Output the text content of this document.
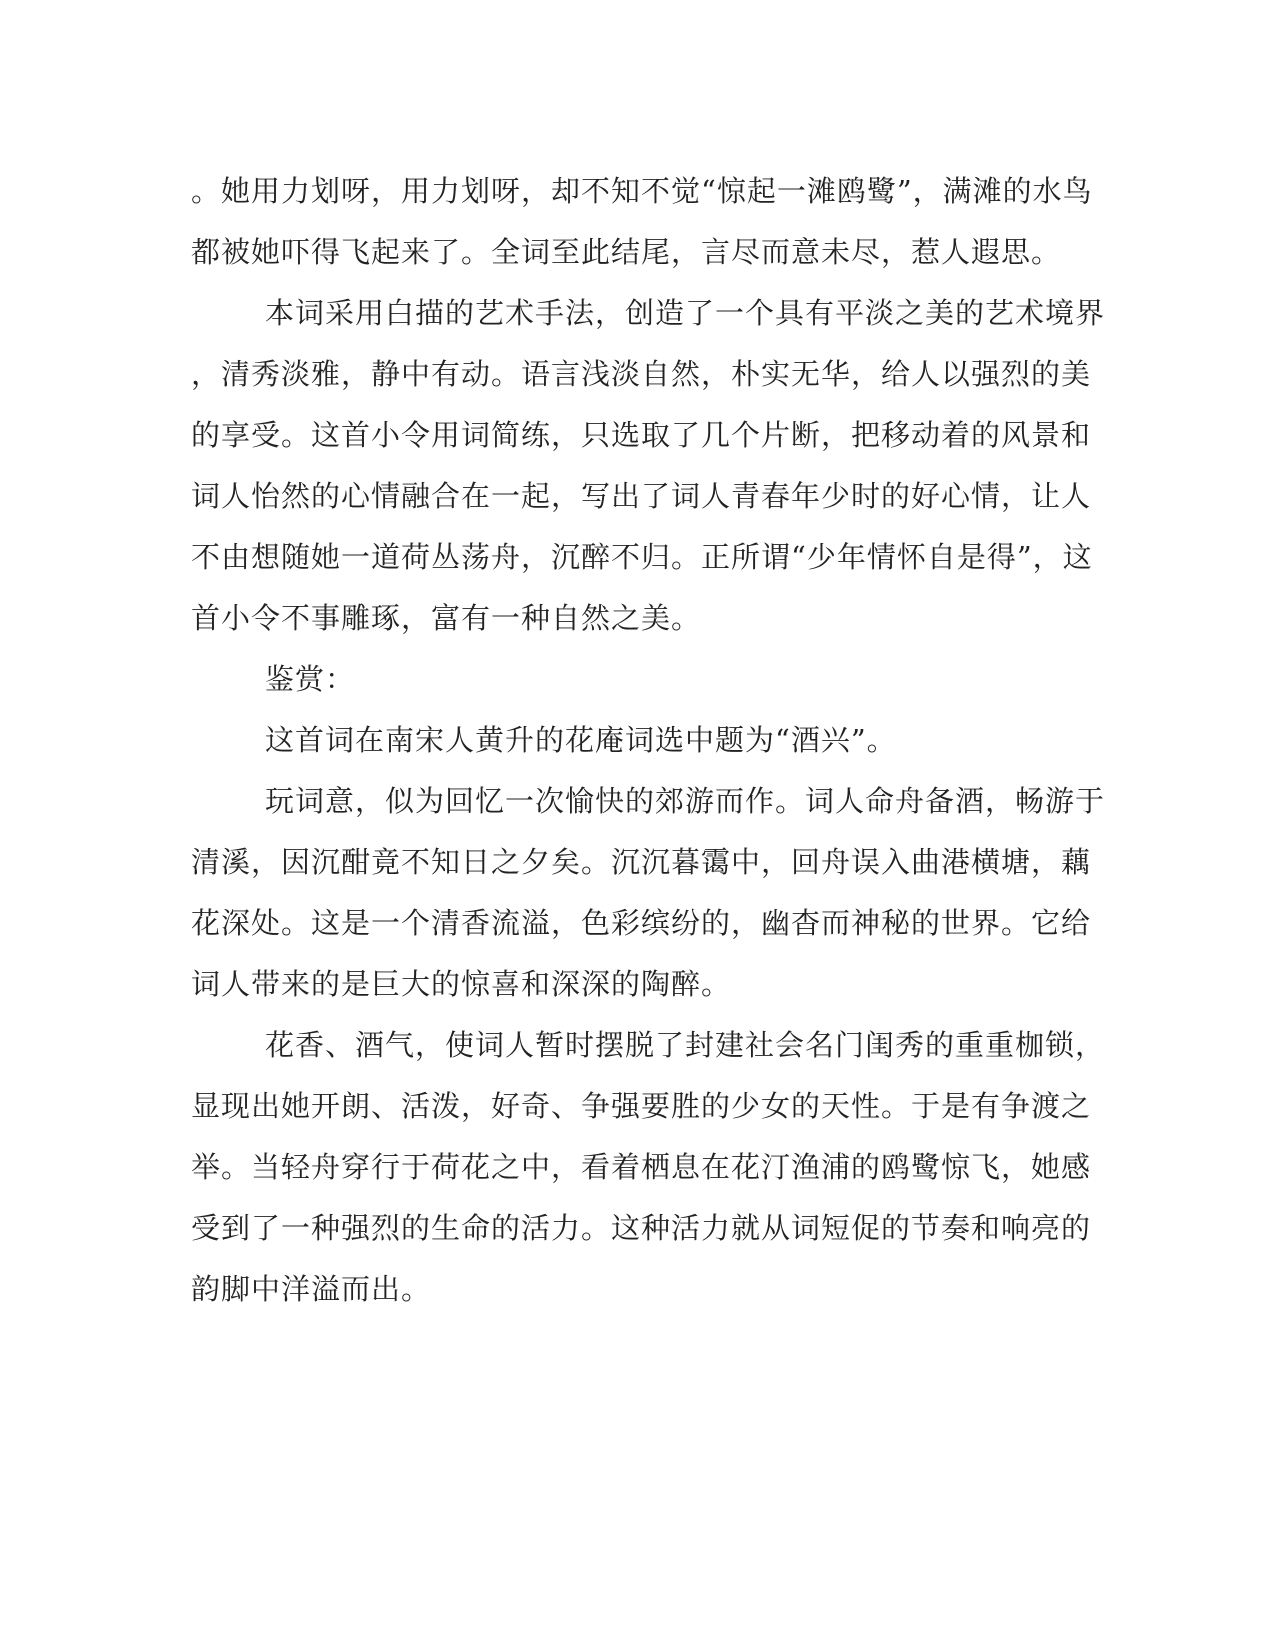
。她用力划呀，用力划呀，却不知不觉“惊起一滩鸥鹭”，满滩的水鸟
都被她吓得飞起来了。全词至此结尾，言尽而意未尽，惹人遐思。
本词采用白描的艺术手法，创造了一个具有平淡之美的艺术境界
，清秀淡雅，静中有动。语言浅淡自然，朴实无华，给人以强烈的美
的享受。这首小令用词简练，只选取了几个片断，把移动着的风景和
词人怡然的心情融合在一起，写出了词人青春年少时的好心情，让人
不由想随她一道荷丛荡舟，沉醉不归。正所谓“少年情怀自是得”，这
首小令不事雕琢，富有一种自然之美。
鉴赏：
这首词在南宋人黄升的花庵词选中题为“酒兴”。
玩词意，似为回忆一次愉快的郊游而作。词人命舟备酒，畅游于
清溪，因沉酣竟不知日之夕矣。沉沉暮霭中，回舟误入曲港横塘，藕
花深处。这是一个清香流溢，色彩缤纷的，幽杳而神秘的世界。它给
词人带来的是巨大的惊喜和深深的陶醉。
花香、酒气，使词人暂时摆脱了封建社会名门闺秀的重重枷锁，
显现出她开朗、活泼，好奇、争强要胜的少女的天性。于是有争渡之
举。当轻舟穿行于荷花之中，看着栖息在花汀渔浦的鸥鹭惊飞，她感
受到了一种强烈的生命的活力。这种活力就从词短促的节奏和响亮的
韵脚中洋溢而出。
